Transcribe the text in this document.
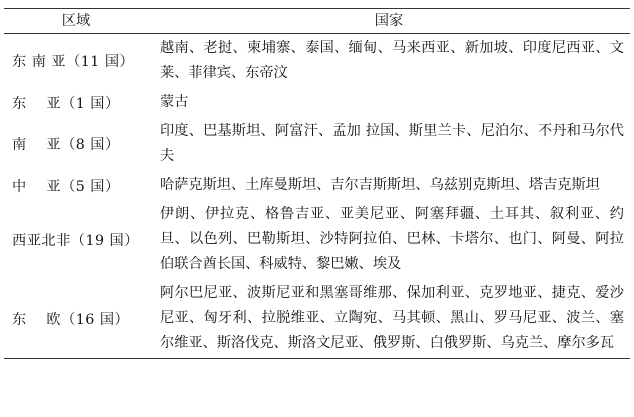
区域	国家
东 南 亚（11 国）	越南、老挝、柬埔寨、泰国、缅甸、马来西亚、新加坡、印度尼西亚、文莱、菲律宾、东帝汶
东　 亚（1 国）	蒙古
南　 亚（8 国）	印度、巴基斯坦、阿富汗、孟加 拉国、斯里兰卡、尼泊尔、不丹和马尔代夫
中　 亚（5 国）	哈萨克斯坦、土库曼斯坦、吉尔吉斯斯坦、乌兹别克斯坦、塔吉克斯坦
西亚北非（19 国）	伊朗、伊拉克、格鲁吉亚、亚美尼亚、阿塞拜疆、土耳其、叙利亚、约旦、以色列、巴勒斯坦、沙特阿拉伯、巴林、卡塔尔、也门、阿曼、阿拉伯联合酋长国、科威特、黎巴嫩、埃及
东　 欧（16 国）	阿尔巴尼亚、波斯尼亚和黑塞哥维那、保加利亚、克罗地亚、捷克、爱沙尼亚、匈牙利、拉脱维亚、立陶宛、马其顿、黑山、罗马尼亚、波兰、塞尔维亚、斯洛伐克、斯洛文尼亚、俄罗斯、白俄罗斯、乌克兰、摩尔多瓦
